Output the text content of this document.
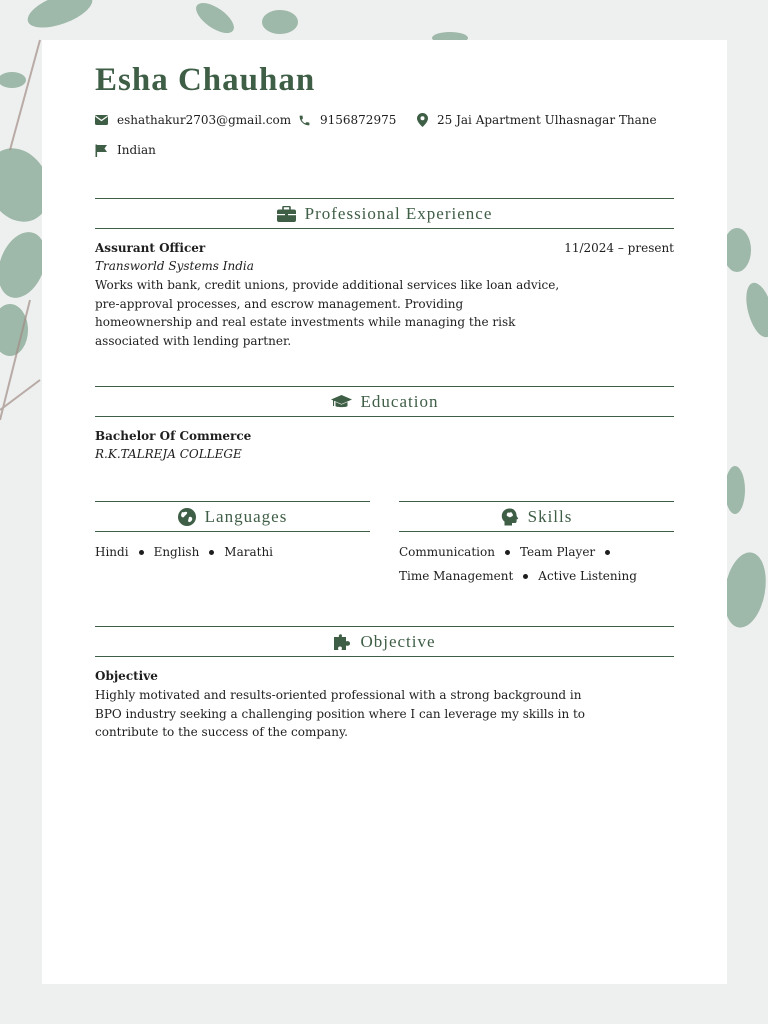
Esha Chauhan
eshathakur2703@gmail.com 9156872975	25 Jai Apartment Ulhasnagar Thane
Indian
Professional Experience
Assurant Officer	11/2024 – present
Transworld Systems India
Works with bank, credit unions, provide additional services like loan advice,
pre-approval processes, and escrow management. Providing
homeownership and real estate investments while managing the risk
associated with lending partner.
Education
Bachelor Of Commerce
R.K.TALREJA COLLEGE
Languages
Hindi English Marathi
Skills
Communication Team Player
Time Management Active Listening
Objective
Objective
Highly motivated and results-oriented professional with a strong background in
BPO industry seeking a challenging position where I can leverage my skills in to
contribute to the success of the company.
